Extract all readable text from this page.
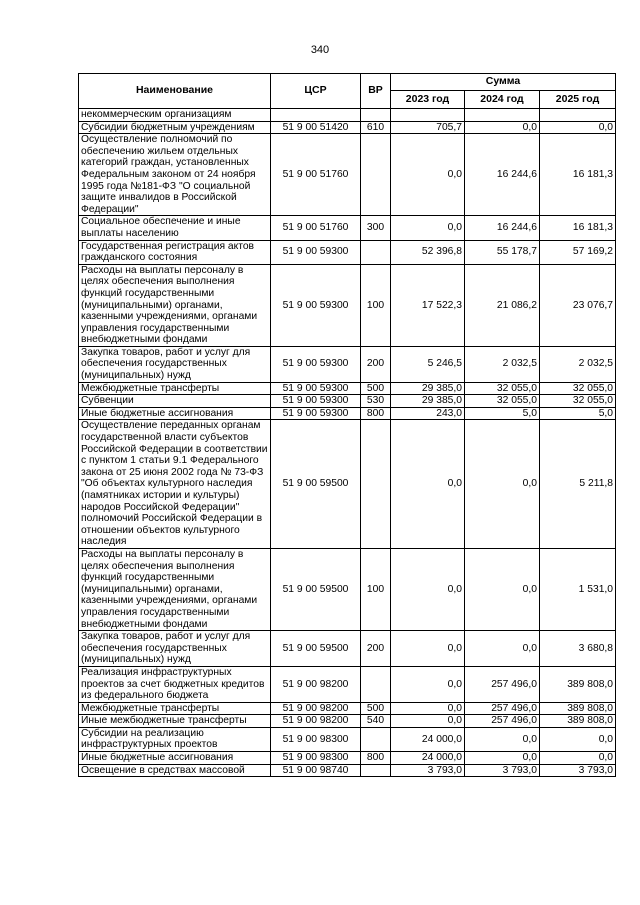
340
Наименование	ЦСР	ВР	Сумма		
			2023 год	2024 год	2025 год
некоммерческим организациям					
Субсидии бюджетным учреждениям	51 9 00 51420	610	705,7	0,0	0,0
Осуществление полномочий по обеспечению жильем отдельных категорий граждан, установленных Федеральным законом от 24 ноября 1995 года №181-ФЗ "О социальной защите инвалидов в Российской Федерации"	51 9 00 51760		0,0	16 244,6	16 181,3
Социальное обеспечение и иные выплаты населению	51 9 00 51760	300	0,0	16 244,6	16 181,3
Государственная регистрация актов гражданского состояния	51 9 00 59300		52 396,8	55 178,7	57 169,2
Расходы на выплаты персоналу в целях обеспечения выполнения функций государственными (муниципальными) органами, казенными учреждениями, органами управления государственными внебюджетными фондами	51 9 00 59300	100	17 522,3	21 086,2	23 076,7
Закупка товаров, работ и услуг для обеспечения государственных (муниципальных) нужд	51 9 00 59300	200	5 246,5	2 032,5	2 032,5
Межбюджетные трансферты	51 9 00 59300	500	29 385,0	32 055,0	32 055,0
Субвенции	51 9 00 59300	530	29 385,0	32 055,0	32 055,0
Иные бюджетные ассигнования	51 9 00 59300	800	243,0	5,0	5,0
Осуществление переданных органам государственной власти субъектов Российской Федерации в соответствии с пунктом 1 статьи 9.1 Федерального закона от 25 июня 2002 года № 73-ФЗ "Об объектах культурного наследия (памятниках истории и культуры) народов Российской Федерации" полномочий Российской Федерации в отношении объектов культурного наследия	51 9 00 59500		0,0	0,0	5 211,8
Расходы на выплаты персоналу в целях обеспечения выполнения функций государственными (муниципальными) органами, казенными учреждениями, органами управления государственными внебюджетными фондами	51 9 00 59500	100	0,0	0,0	1 531,0
Закупка товаров, работ и услуг для обеспечения государственных (муниципальных) нужд	51 9 00 59500	200	0,0	0,0	3 680,8
Реализация инфраструктурных проектов за счет бюджетных кредитов из федерального бюджета	51 9 00 98200		0,0	257 496,0	389 808,0
Межбюджетные трансферты	51 9 00 98200	500	0,0	257 496,0	389 808,0
Иные межбюджетные трансферты	51 9 00 98200	540	0,0	257 496,0	389 808,0
Субсидии на реализацию инфраструктурных проектов	51 9 00 98300		24 000,0	0,0	0,0
Иные бюджетные ассигнования	51 9 00 98300	800	24 000,0	0,0	0,0
Освещение в средствах массовой	51 9 00 98740		3 793,0	3 793,0	3 793,0
